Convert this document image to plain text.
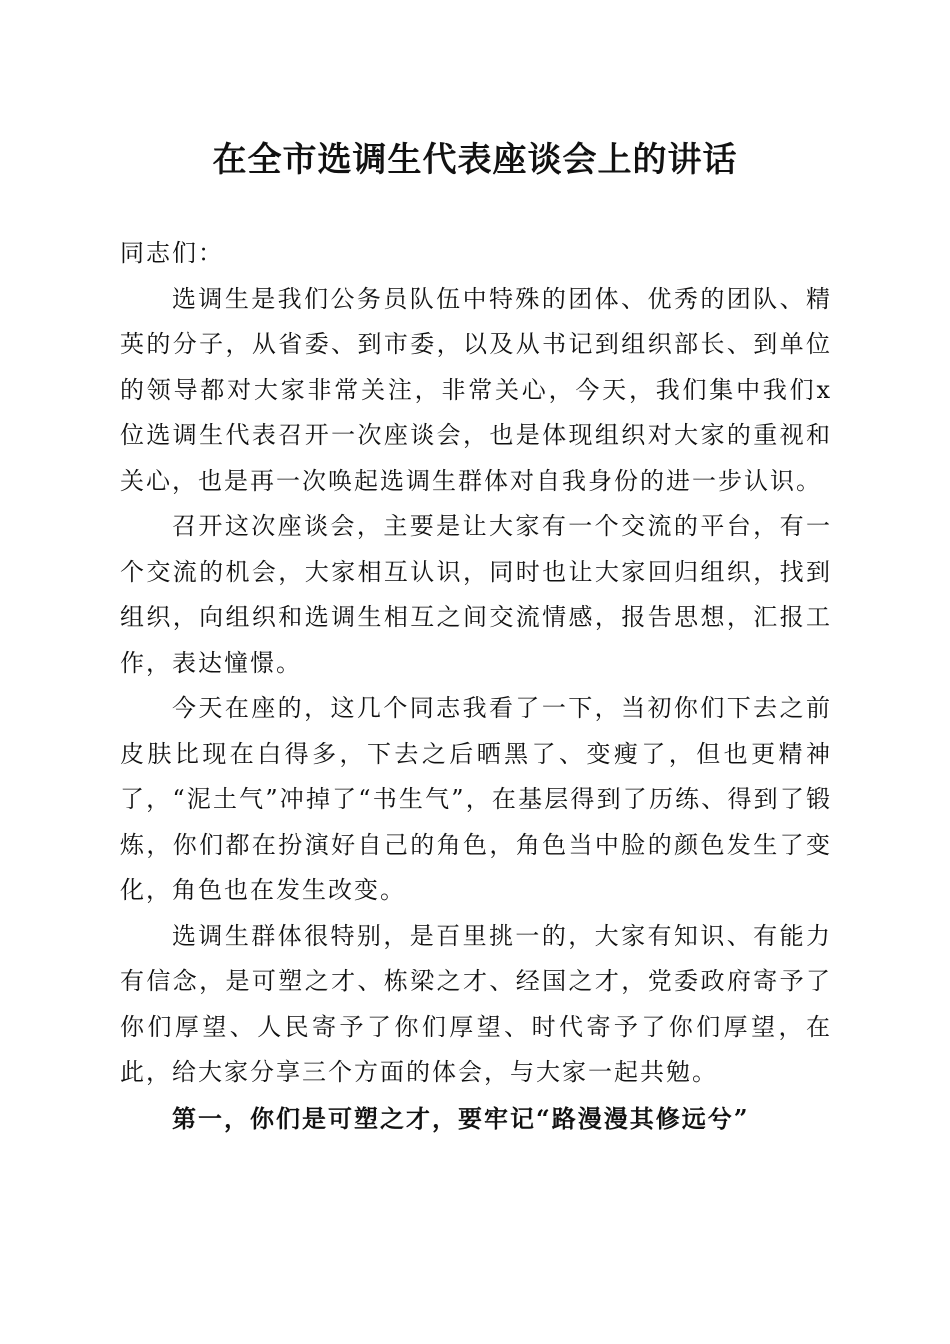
在全市选调生代表座谈会上的讲话

同志们：

选调生是我们公务员队伍中特殊的团体、优秀的团队、精英的分子，从省委、到市委，以及从书记到组织部长、到单位的领导都对大家非常关注，非常关心，今天，我们集中我们x位选调生代表召开一次座谈会，也是体现组织对大家的重视和关心，也是再一次唤起选调生群体对自我身份的进一步认识。

召开这次座谈会，主要是让大家有一个交流的平台，有一个交流的机会，大家相互认识，同时也让大家回归组织，找到组织，向组织和选调生相互之间交流情感，报告思想，汇报工作，表达憧憬。

今天在座的，这几个同志我看了一下，当初你们下去之前皮肤比现在白得多，下去之后晒黑了、变瘦了，但也更精神了，“泥土气”冲掉了“书生气”，在基层得到了历练、得到了锻炼，你们都在扮演好自己的角色，角色当中脸的颜色发生了变化，角色也在发生改变。

选调生群体很特别，是百里挑一的，大家有知识、有能力有信念，是可塑之才、栋梁之才、经国之才，党委政府寄予了你们厚望、人民寄予了你们厚望、时代寄予了你们厚望，在此，给大家分享三个方面的体会，与大家一起共勉。

第一，你们是可塑之才，要牢记“路漫漫其修远兮”
